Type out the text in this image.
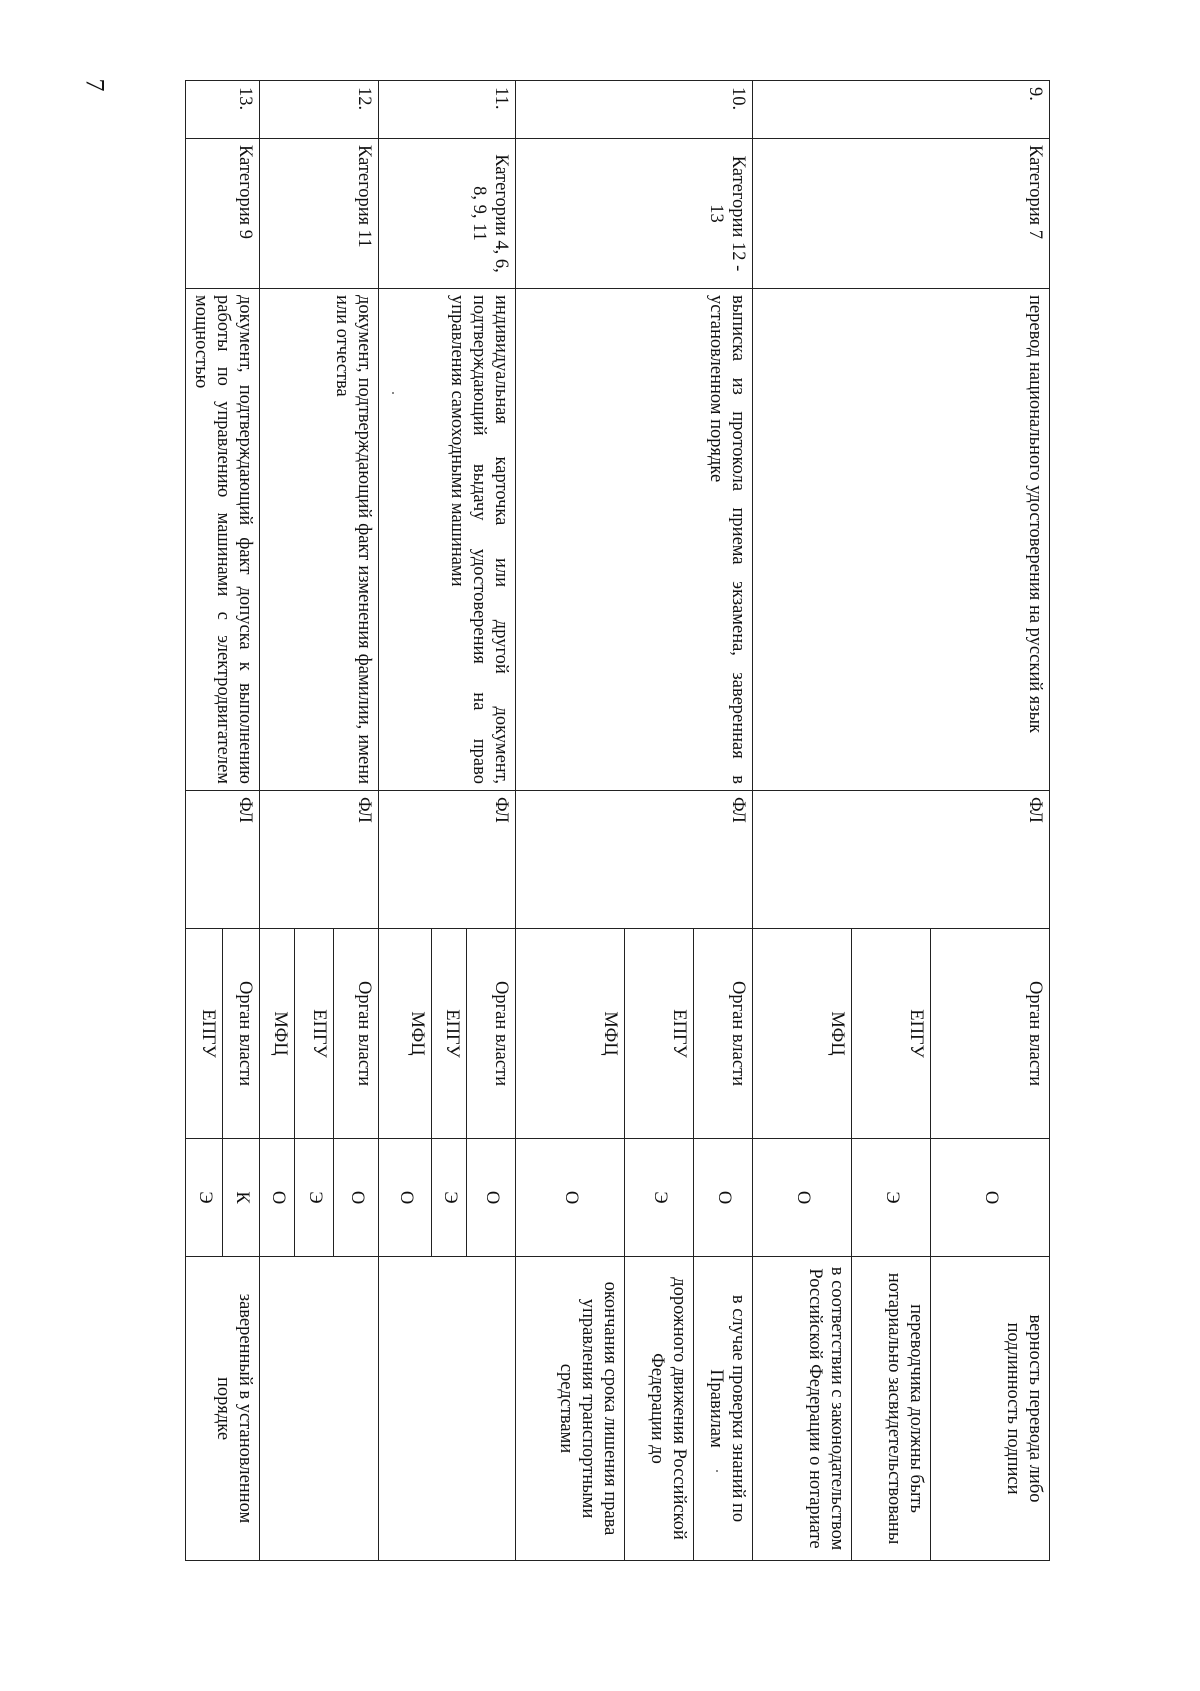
7
9.	Категория 7	перевод национального удостоверения на русский язык	ФЛ	Орган власти	О	верность перевода либо подлинность подписи
				ЕПГУ	Э	переводчика должны быть нотариально засвидетельствованы
				МФЦ	О	в соответствии с законодательством Российской Федерации о нотариате
10.	Категории 12 - 13	выписка из протокола приема экзамена, заверенная в установленном порядке	ФЛ	Орган власти	О	в случае проверки знаний по Правилам
				ЕПГУ	Э	дорожного движения Российской Федерации до
				МФЦ	О	окончания срока лишения права управления транспортными средствами
11.	Категории 4, 6, 8, 9, 11	индивидуальная карточка или другой документ, подтверждающий выдачу удостоверения на право управления самоходными машинами	ФЛ	Орган власти	О	
				ЕПГУ	Э	
				МФЦ	О	
12.	Категория 11	документ, подтверждающий факт изменения фамилии, имени или отчества	ФЛ	Орган власти	О	
				ЕПГУ	Э	
				МФЦ	О	
13.	Категория 9	документ, подтверждающий факт допуска к выполнению работы по управлению машинами с электродвигателем мощностью	ФЛ	Орган власти	К	заверенный в установленном порядке
				ЕПГУ	Э	
